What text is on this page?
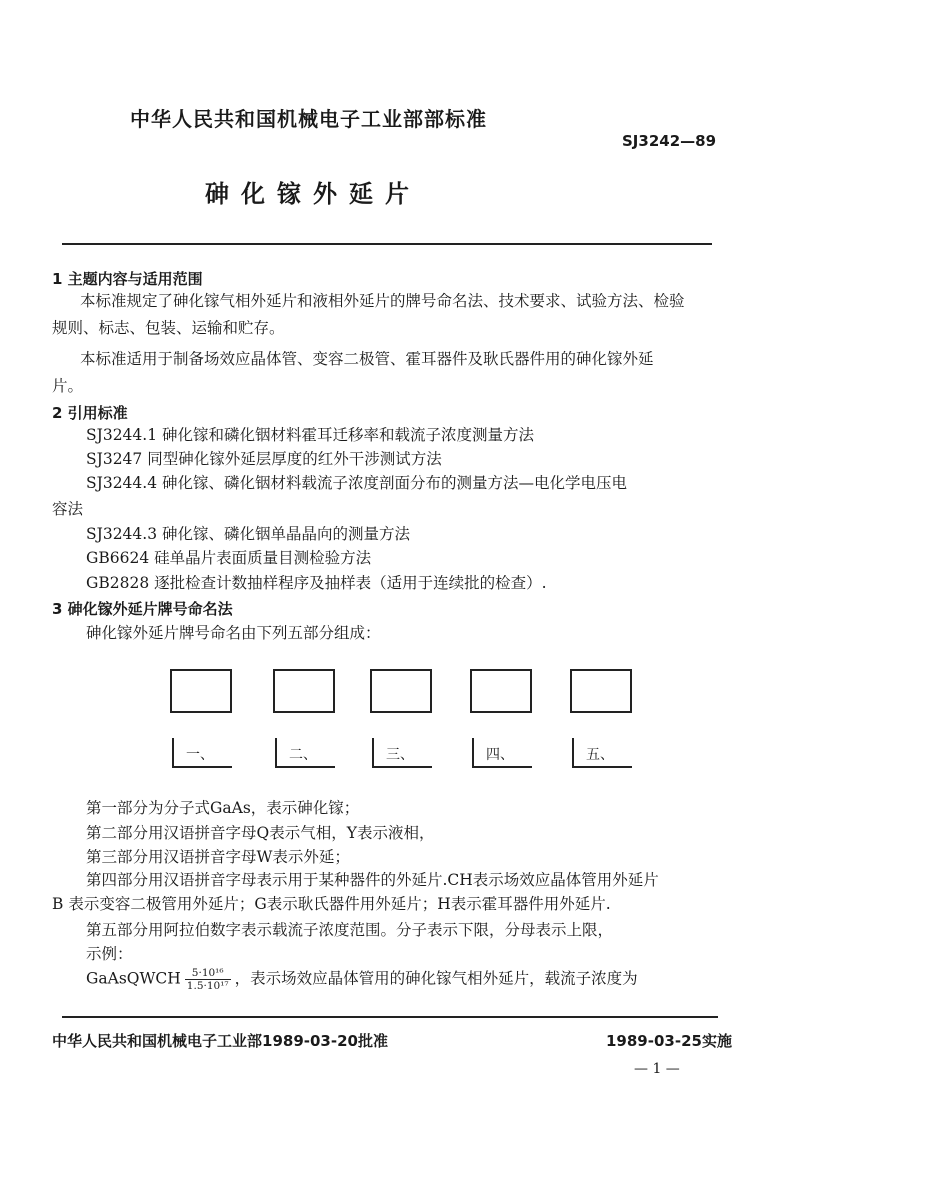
中华人民共和国机械电子工业部部标准
SJ3242—89
砷化镓外延片
1 主题内容与适用范围
本标准规定了砷化镓气相外延片和液相外延片的牌号命名法、技术要求、试验方法、检验
规则、标志、包装、运输和贮存。
本标准适用于制备场效应晶体管、变容二极管、霍耳器件及耿氏器件用的砷化镓外延
片。
2 引用标准
SJ3244.1 砷化镓和磷化铟材料霍耳迁移率和载流子浓度测量方法
SJ3247 同型砷化镓外延层厚度的红外干涉测试方法
SJ3244.4 砷化镓、磷化铟材料载流子浓度剖面分布的测量方法—电化学电压电
容法
SJ3244.3 砷化镓、磷化铟单晶晶向的测量方法
GB6624 硅单晶片表面质量目测检验方法
GB2828 逐批检查计数抽样程序及抽样表（适用于连续批的检查）.
3 砷化镓外延片牌号命名法
砷化镓外延片牌号命名由下列五部分组成：
一、	二、	三、	四、	五、
第一部分为分子式GaAs，表示砷化镓；
第二部分用汉语拼音字母Q表示气相，Y表示液相，
第三部分用汉语拼音字母W表示外延；
第四部分用汉语拼音字母表示用于某种器件的外延片.CH表示场效应晶体管用外延片
B 表示变容二极管用外延片；G表示耿氏器件用外延片；H表示霍耳器件用外延片.
第五部分用阿拉伯数字表示载流子浓度范围。分子表示下限，分母表示上限，
示例：
GaAsQWCH $\frac{\text{5·10¹⁶}}{\text{1.5·10¹⁷}}$ ，表示场效应晶体管用的砷化镓气相外延片，载流子浓度为
中华人民共和国机械电子工业部1989-03-20批准	1989-03-25实施
— 1 —
